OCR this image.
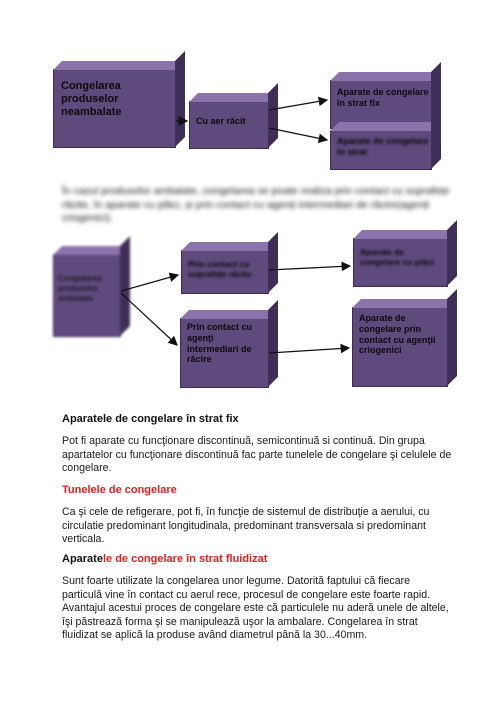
Congelarea produselor neambalate
Cu aer răcit
Aparate de congelare în strat fix
Aparate de congelare în strat
În cazul produselor ambalate, congelarea se poate realiza prin contact cu suprafețe răcite, în aparate cu plăci, și prin contact cu agenți intermediari de răcire(agenți criogenici).
Congelarea produselor ambalate
Prin contact cu suprafețe răcite
Prin contact cu agenţi intermediari de răcire
Aparate de congelare cu plăci
Aparate de congelare prin contact cu agenţii criogenici
Aparatele de congelare în strat fix
Pot fi aparate cu funcţionare discontinuă, semicontinuă si continuă. Din grupa apartatelor cu funcţionare discontinuă fac parte tunelele de congelare şi celulele de congelare.
Tunelele de congelare
Ca şi cele de refigerare, pot fi, în funcţie de sistemul de distribuţie a aerului, cu circulatie predominant longitudinala, predominant transversala si predominant verticala.
Aparatele de congelare în strat fluidizat
Sunt foarte utilizate la congelarea unor legume. Datorită faptului că fiecare particulă vine în contact cu aerul rece, procesul de congelare este foarte rapid. Avantajul acestui proces de congelare este că particulele nu aderă unele de altele, îşi păstrează forma şi se manipulează uşor la ambalare. Congelarea în strat fluidizat se aplică la produse având diametrul până la 30...40mm.
